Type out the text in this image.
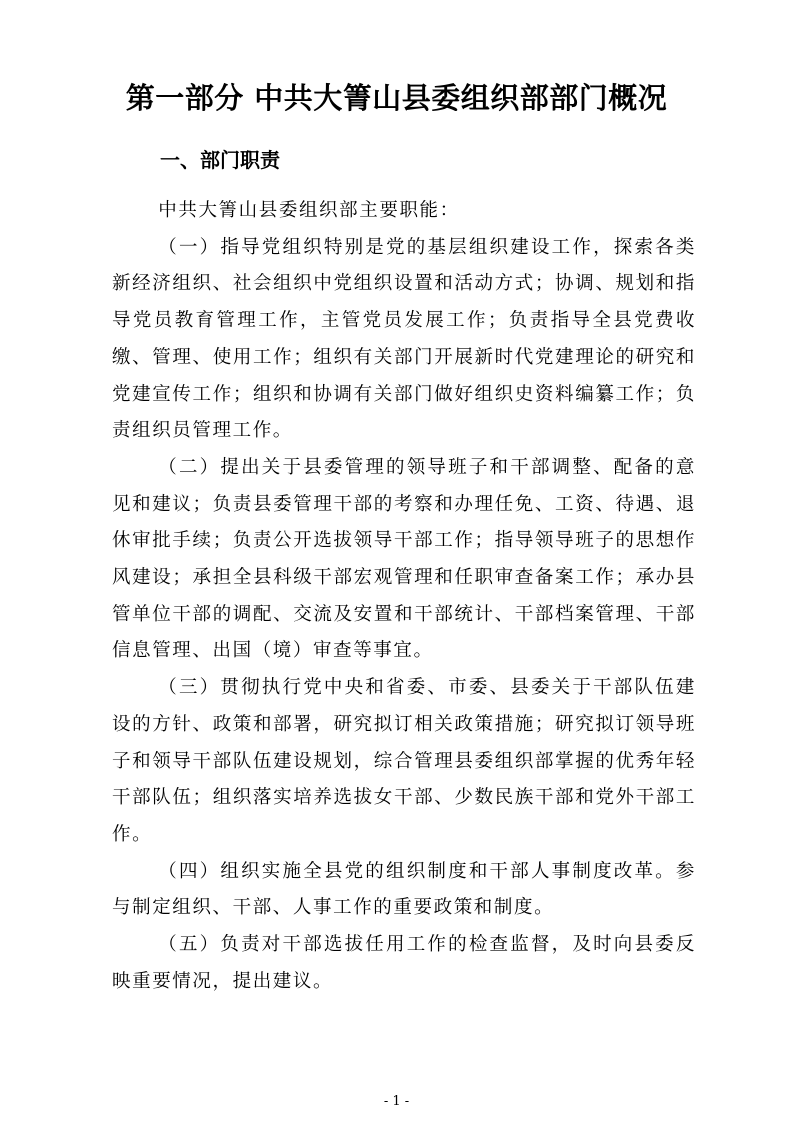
第一部分 中共大箐山县委组织部部门概况
一、部门职责

中共大箐山县委组织部主要职能：

（一）指导党组织特别是党的基层组织建设工作，探索各类新经济组织、社会组织中党组织设置和活动方式；协调、规划和指导党员教育管理工作，主管党员发展工作；负责指导全县党费收缴、管理、使用工作；组织有关部门开展新时代党建理论的研究和党建宣传工作；组织和协调有关部门做好组织史资料编纂工作；负责组织员管理工作。

（二）提出关于县委管理的领导班子和干部调整、配备的意见和建议；负责县委管理干部的考察和办理任免、工资、待遇、退休审批手续；负责公开选拔领导干部工作；指导领导班子的思想作风建设；承担全县科级干部宏观管理和任职审查备案工作；承办县管单位干部的调配、交流及安置和干部统计、干部档案管理、干部信息管理、出国（境）审查等事宜。

（三）贯彻执行党中央和省委、市委、县委关于干部队伍建设的方针、政策和部署，研究拟订相关政策措施；研究拟订领导班子和领导干部队伍建设规划，综合管理县委组织部掌握的优秀年轻干部队伍；组织落实培养选拔女干部、少数民族干部和党外干部工作。

（四）组织实施全县党的组织制度和干部人事制度改革。参与制定组织、干部、人事工作的重要政策和制度。

（五）负责对干部选拔任用工作的检查监督，及时向县委反映重要情况，提出建议。

- 1 -
